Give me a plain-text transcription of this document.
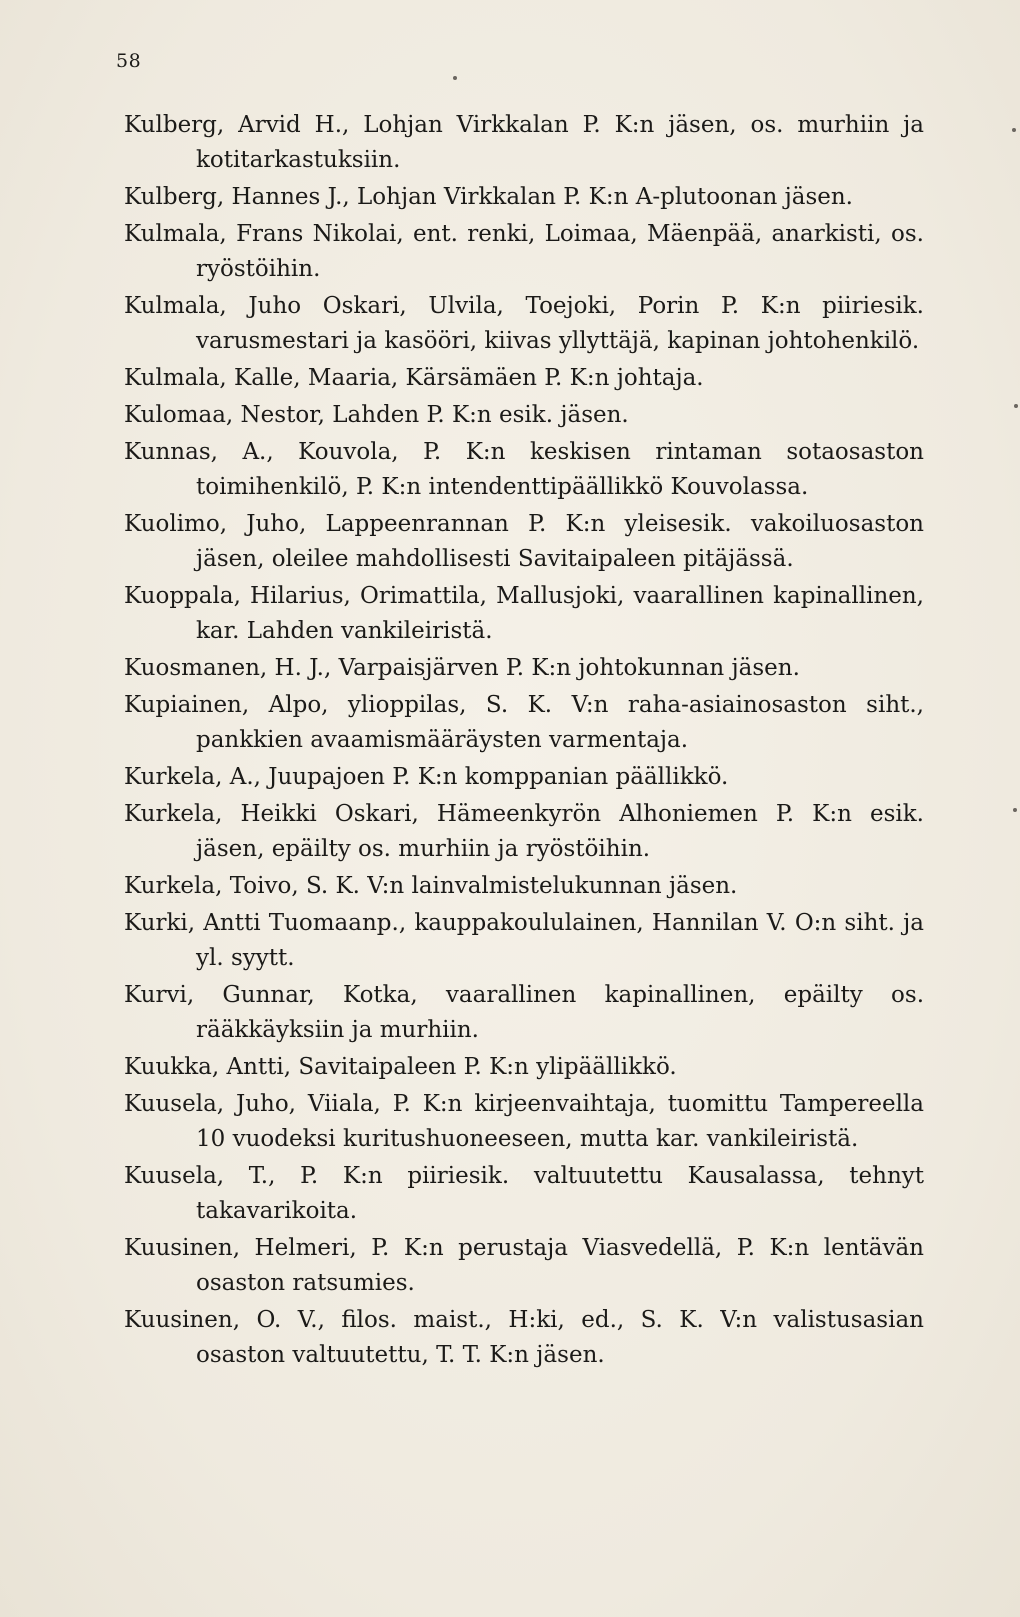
58

Kulberg, Arvid H., Lohjan Virkkalan P. K:n jäsen, os. murhiin ja kotitarkastuksiin.

Kulberg, Hannes J., Lohjan Virkkalan P. K:n A-plutoonan jäsen.

Kulmala, Frans Nikolai, ent. renki, Loimaa, Mäenpää, anarkisti, os. ryöstöihin.

Kulmala, Juho Oskari, Ulvila, Toejoki, Porin P. K:n piiriesik. varusmestari ja kasööri, kiivas yllyttäjä, kapinan johtohenkilö.

Kulmala, Kalle, Maaria, Kärsämäen P. K:n johtaja.

Kulomaa, Nestor, Lahden P. K:n esik. jäsen.

Kunnas, A., Kouvola, P. K:n keskisen rintaman sotaosaston toimihenkilö, P. K:n intendenttipäällikkö Kouvolassa.

Kuolimo, Juho, Lappeenrannan P. K:n yleisesik. vakoiluosaston jäsen, oleilee mahdollisesti Savitaipaleen pitäjässä.

Kuoppala, Hilarius, Orimattila, Mallusjoki, vaarallinen kapinallinen, kar. Lahden vankileiristä.

Kuosmanen, H. J., Varpaisjärven P. K:n johtokunnan jäsen.

Kupiainen, Alpo, ylioppilas, S. K. V:n raha-asiainosaston siht., pankkien avaamismääräysten varmentaja.

Kurkela, A., Juupajoen P. K:n komppanian päällikkö.

Kurkela, Heikki Oskari, Hämeenkyrön Alhoniemen P. K:n esik. jäsen, epäilty os. murhiin ja ryöstöihin.

Kurkela, Toivo, S. K. V:n lainvalmistelukunnan jäsen.

Kurki, Antti Tuomaanp., kauppakoululainen, Hannilan V. O:n siht. ja yl. syytt.

Kurvi, Gunnar, Kotka, vaarallinen kapinallinen, epäilty os. rääkkäyksiin ja murhiin.

Kuukka, Antti, Savitaipaleen P. K:n ylipäällikkö.

Kuusela, Juho, Viiala, P. K:n kirjeenvaihtaja, tuomittu Tampereella 10 vuodeksi kuritushuoneeseen, mutta kar. vankileiristä.

Kuusela, T., P. K:n piiriesik. valtuutettu Kausalassa, tehnyt takavarikoita.

Kuusinen, Helmeri, P. K:n perustaja Viasvedellä, P. K:n lentävän osaston ratsumies.

Kuusinen, O. V., filos. maist., H:ki, ed., S. K. V:n valistusasian osaston valtuutettu, T. T. K:n jäsen.
